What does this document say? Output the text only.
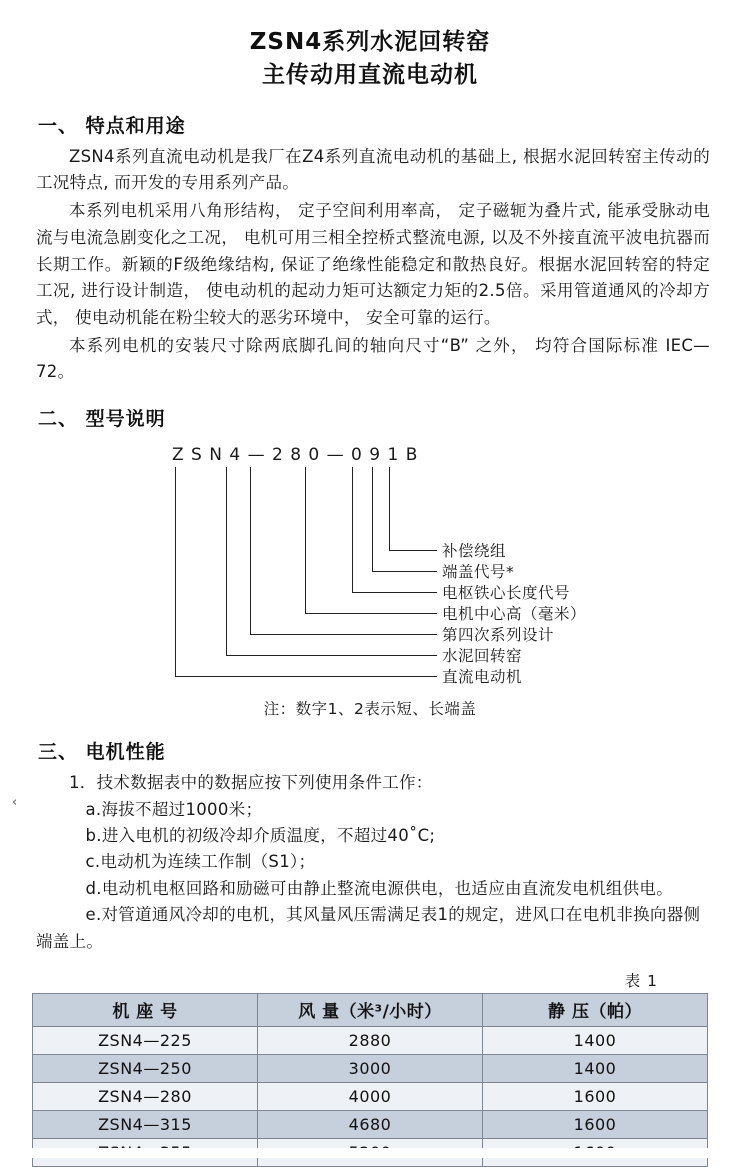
ZSN4系列水泥回转窑
主传动用直流电动机
一、 特点和用途
ZSN4系列直流电动机是我厂在Z4系列直流电动机的基础上, 根据水泥回转窑主传动的工况特点, 而开发的专用系列产品。
本系列电机采用八角形结构， 定子空间利用率高， 定子磁轭为叠片式, 能承受脉动电流与电流急剧变化之工况， 电机可用三相全控桥式整流电源, 以及不外接直流平波电抗器而长期工作。新颖的F级绝缘结构, 保证了绝缘性能稳定和散热良好。根据水泥回转窑的特定工况, 进行设计制造， 使电动机的起动力矩可达额定力矩的2.5倍。采用管道通风的冷却方式， 使电动机能在粉尘较大的恶劣环境中， 安全可靠的运行。
本系列电机的安装尺寸除两底脚孔间的轴向尺寸“B” 之外， 均符合国际标准 IEC—72。
二、 型号说明
Z S N 4 — 2 8 0 — 0 9 1 B
补偿绕组
端盖代号*
电枢铁心长度代号
电机中心高（毫米）
第四次系列设计
水泥回转窑
直流电动机
注：数字1、2表示短、长端盖
三、 电机性能
1．技术数据表中的数据应按下列使用条件工作：
a.海拔不超过1000米；
b.进入电机的初级冷却介质温度，不超过40˚C;
c.电动机为连续工作制（S1）；
d.电动机电枢回路和励磁可由静止整流电源供电，也适应由直流发电机组供电。
e.对管道通风冷却的电机，其风量风压需满足表1的规定，进风口在电机非换向器侧端盖上。
表 1
机 座 号	风 量（米³/小时）	静 压（帕）
ZSN4—225	2880	1400
ZSN4—250	3000	1400
ZSN4—280	4000	1600
ZSN4—315	4680	1600

‹
